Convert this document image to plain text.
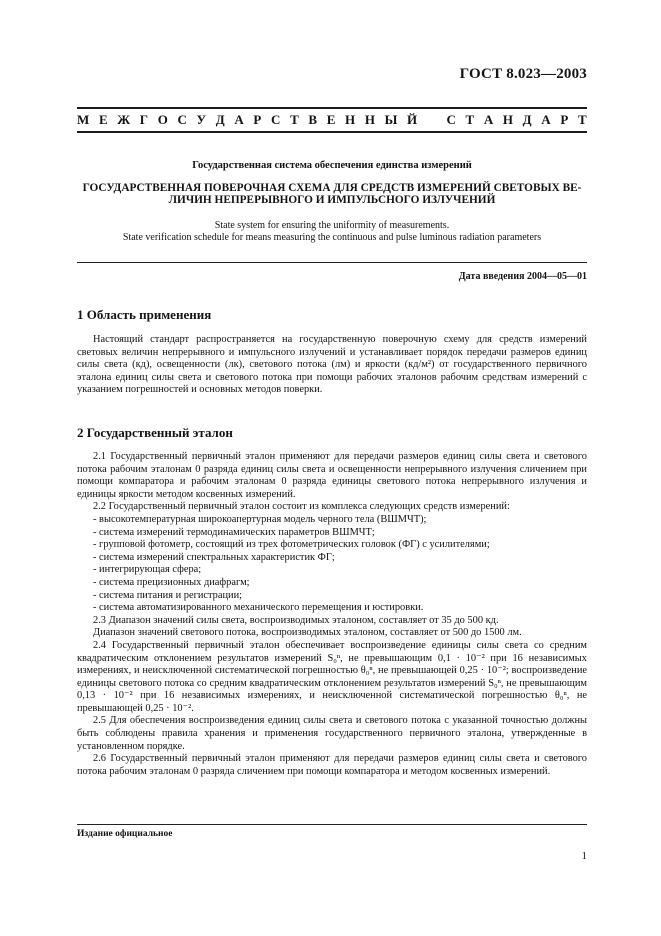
ГОСТ 8.023—2003
М Е Ж Г О С У Д А Р С Т В Е Н Н Ы Й С Т А Н Д А Р Т
Государственная система обеспечения единства измерений
ГОСУДАРСТВЕННАЯ ПОВЕРОЧНАЯ СХЕМА ДЛЯ СРЕДСТВ ИЗМЕРЕНИЙ СВЕТОВЫХ ВЕ-
ЛИЧИН НЕПРЕРЫВНОГО И ИМПУЛЬСНОГО ИЗЛУЧЕНИЙ
State system for ensuring the uniformity of measurements.
State verification schedule for means measuring the continuous and pulse luminous radiation parameters
Дата введения 2004—05—01
1 Область применения

Настоящий стандарт распространяется на государственную поверочную схему для средств измерений световых величин непрерывного и импульсного излучений и устанавливает порядок передачи размеров единиц силы света (кд), освещенности (лк), светового потока (лм) и яркости (кд/м²) от государственного первичного эталона единиц силы света и светового потока при помощи рабочих эталонов рабочим средствам измерений с указанием погрешностей и основных методов поверки.

2 Государственный эталон

2.1 Государственный первичный эталон применяют для передачи размеров единиц силы света и светового потока рабочим эталонам 0 разряда единиц силы света и освещенности непрерывного излучения сличением при помощи компаратора и рабочим эталонам 0 разряда единицы светового потока непрерывного излучения и единицы яркости методом косвенных измерений.

2.2 Государственный первичный эталон состоит из комплекса следующих средств измерений:

- высокотемпературная широкоапертурная модель черного тела (ВШМЧТ);

- система измерений термодинамических параметров ВШМЧТ;

- групповой фотометр, состоящий из трех фотометрических головок (ФГ) с усилителями;

- система измерений спектральных характеристик ФГ;

- интегрирующая сфера;

- система прецизионных диафрагм;

- система питания и регистрации;

- система автоматизированного механического перемещения и юстировки.

2.3 Диапазон значений силы света, воспроизводимых эталоном, составляет от 35 до 500 кд.

Диапазон значений светового потока, воспроизводимых эталоном, составляет от 500 до 1500 лм.

2.4 Государственный первичный эталон обеспечивает воспроизведение единицы силы света со средним квадратическим отклонением результатов измерений S₀ⁿ, не превышающим 0,1 · 10⁻² при 16 независимых измерениях, и неисключенной систематической погрешностью θ₀ⁿ, не превышающей 0,25 · 10⁻²; воспроизведение единицы светового потока со средним квадратическим отклонением результатов измерений S₀ⁿ, не превышающим 0,13 · 10⁻² при 16 независимых измерениях, и неисключенной систематической погрешностью θ₀ⁿ, не превышающей 0,25 · 10⁻².

2.5 Для обеспечения воспроизведения единиц силы света и светового потока с указанной точностью должны быть соблюдены правила хранения и применения государственного первичного эталона, утвержденные в установленном порядке.

2.6 Государственный первичный эталон применяют для передачи размеров единиц силы света и светового потока рабочим эталонам 0 разряда сличением при помощи компаратора и методом косвенных измерений.

Издание официальное
1
